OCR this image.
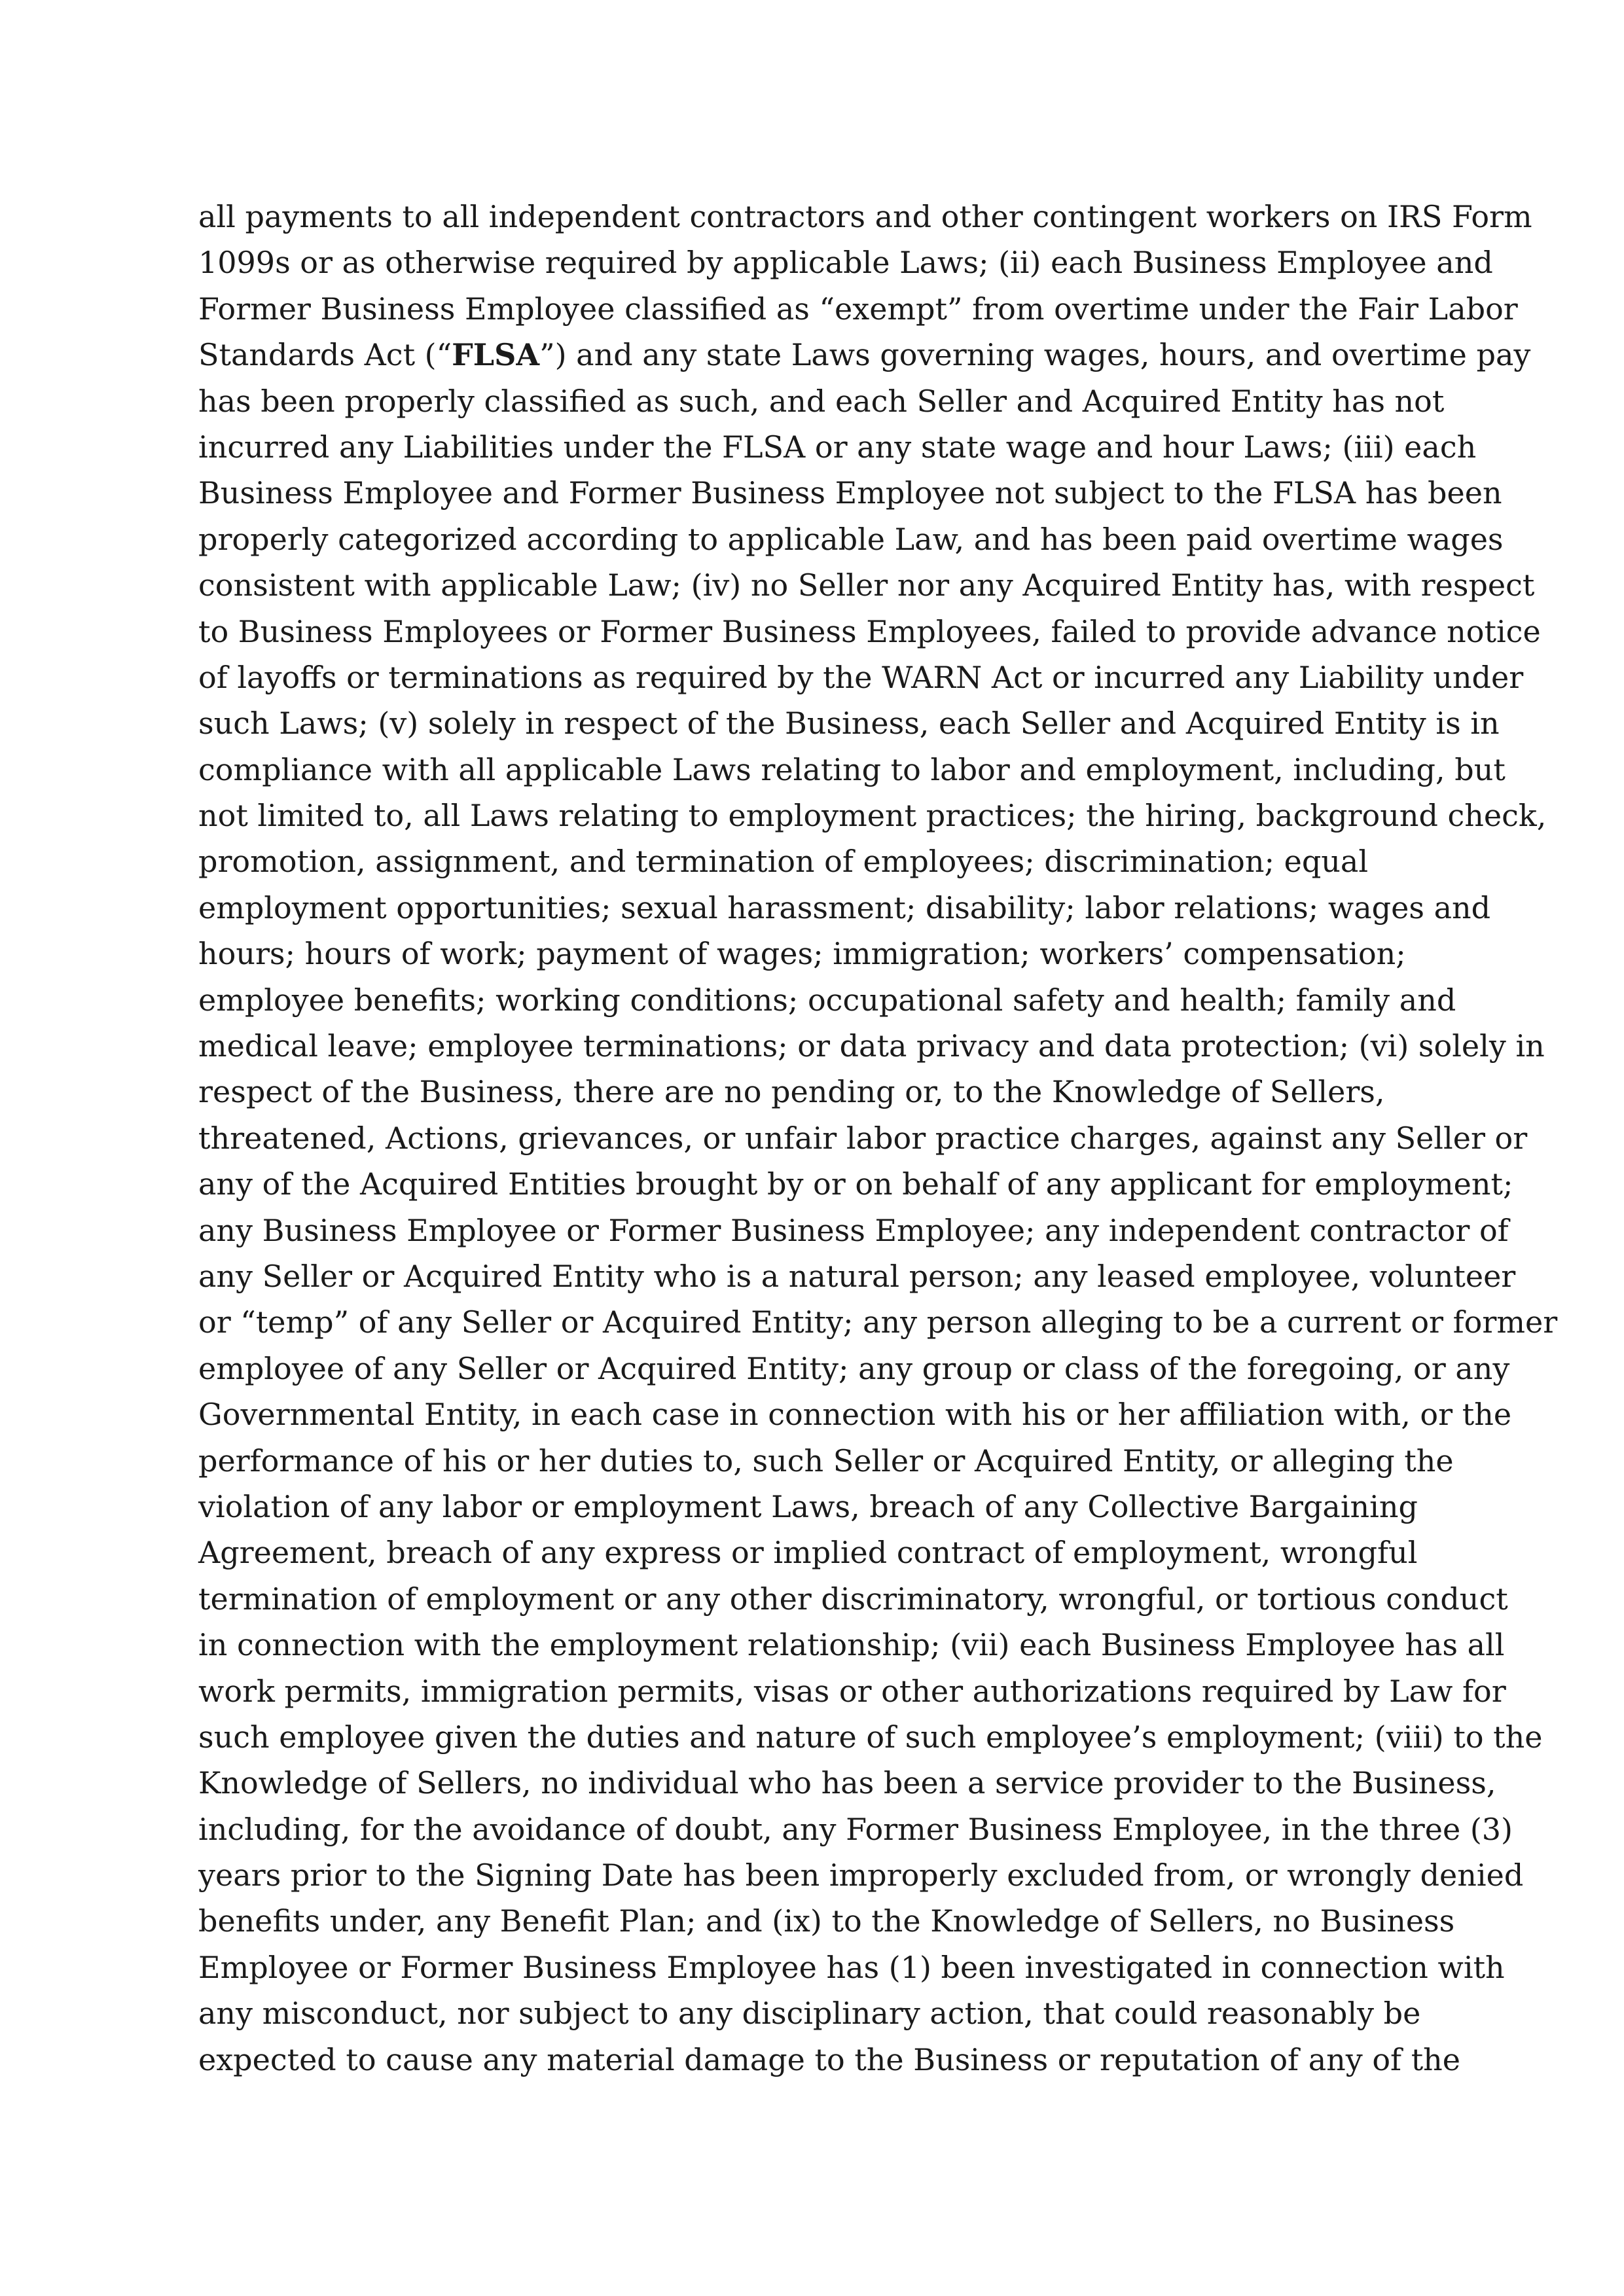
all payments to all independent contractors and other contingent workers on IRS Form
1099s or as otherwise required by applicable Laws; (ii) each Business Employee and
Former Business Employee classified as “exempt” from overtime under the Fair Labor
Standards Act (“FLSA”) and any state Laws governing wages, hours, and overtime pay
has been properly classified as such, and each Seller and Acquired Entity has not
incurred any Liabilities under the FLSA or any state wage and hour Laws; (iii) each
Business Employee and Former Business Employee not subject to the FLSA has been
properly categorized according to applicable Law, and has been paid overtime wages
consistent with applicable Law; (iv) no Seller nor any Acquired Entity has, with respect
to Business Employees or Former Business Employees, failed to provide advance notice
of layoffs or terminations as required by the WARN Act or incurred any Liability under
such Laws; (v) solely in respect of the Business, each Seller and Acquired Entity is in
compliance with all applicable Laws relating to labor and employment, including, but
not limited to, all Laws relating to employment practices; the hiring, background check,
promotion, assignment, and termination of employees; discrimination; equal
employment opportunities; sexual harassment; disability; labor relations; wages and
hours; hours of work; payment of wages; immigration; workers’ compensation;
employee benefits; working conditions; occupational safety and health; family and
medical leave; employee terminations; or data privacy and data protection; (vi) solely in
respect of the Business, there are no pending or, to the Knowledge of Sellers,
threatened, Actions, grievances, or unfair labor practice charges, against any Seller or
any of the Acquired Entities brought by or on behalf of any applicant for employment;
any Business Employee or Former Business Employee; any independent contractor of
any Seller or Acquired Entity who is a natural person; any leased employee, volunteer
or “temp” of any Seller or Acquired Entity; any person alleging to be a current or former
employee of any Seller or Acquired Entity; any group or class of the foregoing, or any
Governmental Entity, in each case in connection with his or her affiliation with, or the
performance of his or her duties to, such Seller or Acquired Entity, or alleging the
violation of any labor or employment Laws, breach of any Collective Bargaining
Agreement, breach of any express or implied contract of employment, wrongful
termination of employment or any other discriminatory, wrongful, or tortious conduct
in connection with the employment relationship; (vii) each Business Employee has all
work permits, immigration permits, visas or other authorizations required by Law for
such employee given the duties and nature of such employee’s employment; (viii) to the
Knowledge of Sellers, no individual who has been a service provider to the Business,
including, for the avoidance of doubt, any Former Business Employee, in the three (3)
years prior to the Signing Date has been improperly excluded from, or wrongly denied
benefits under, any Benefit Plan; and (ix) to the Knowledge of Sellers, no Business
Employee or Former Business Employee has (1) been investigated in connection with
any misconduct, nor subject to any disciplinary action, that could reasonably be
expected to cause any material damage to the Business or reputation of any of the
